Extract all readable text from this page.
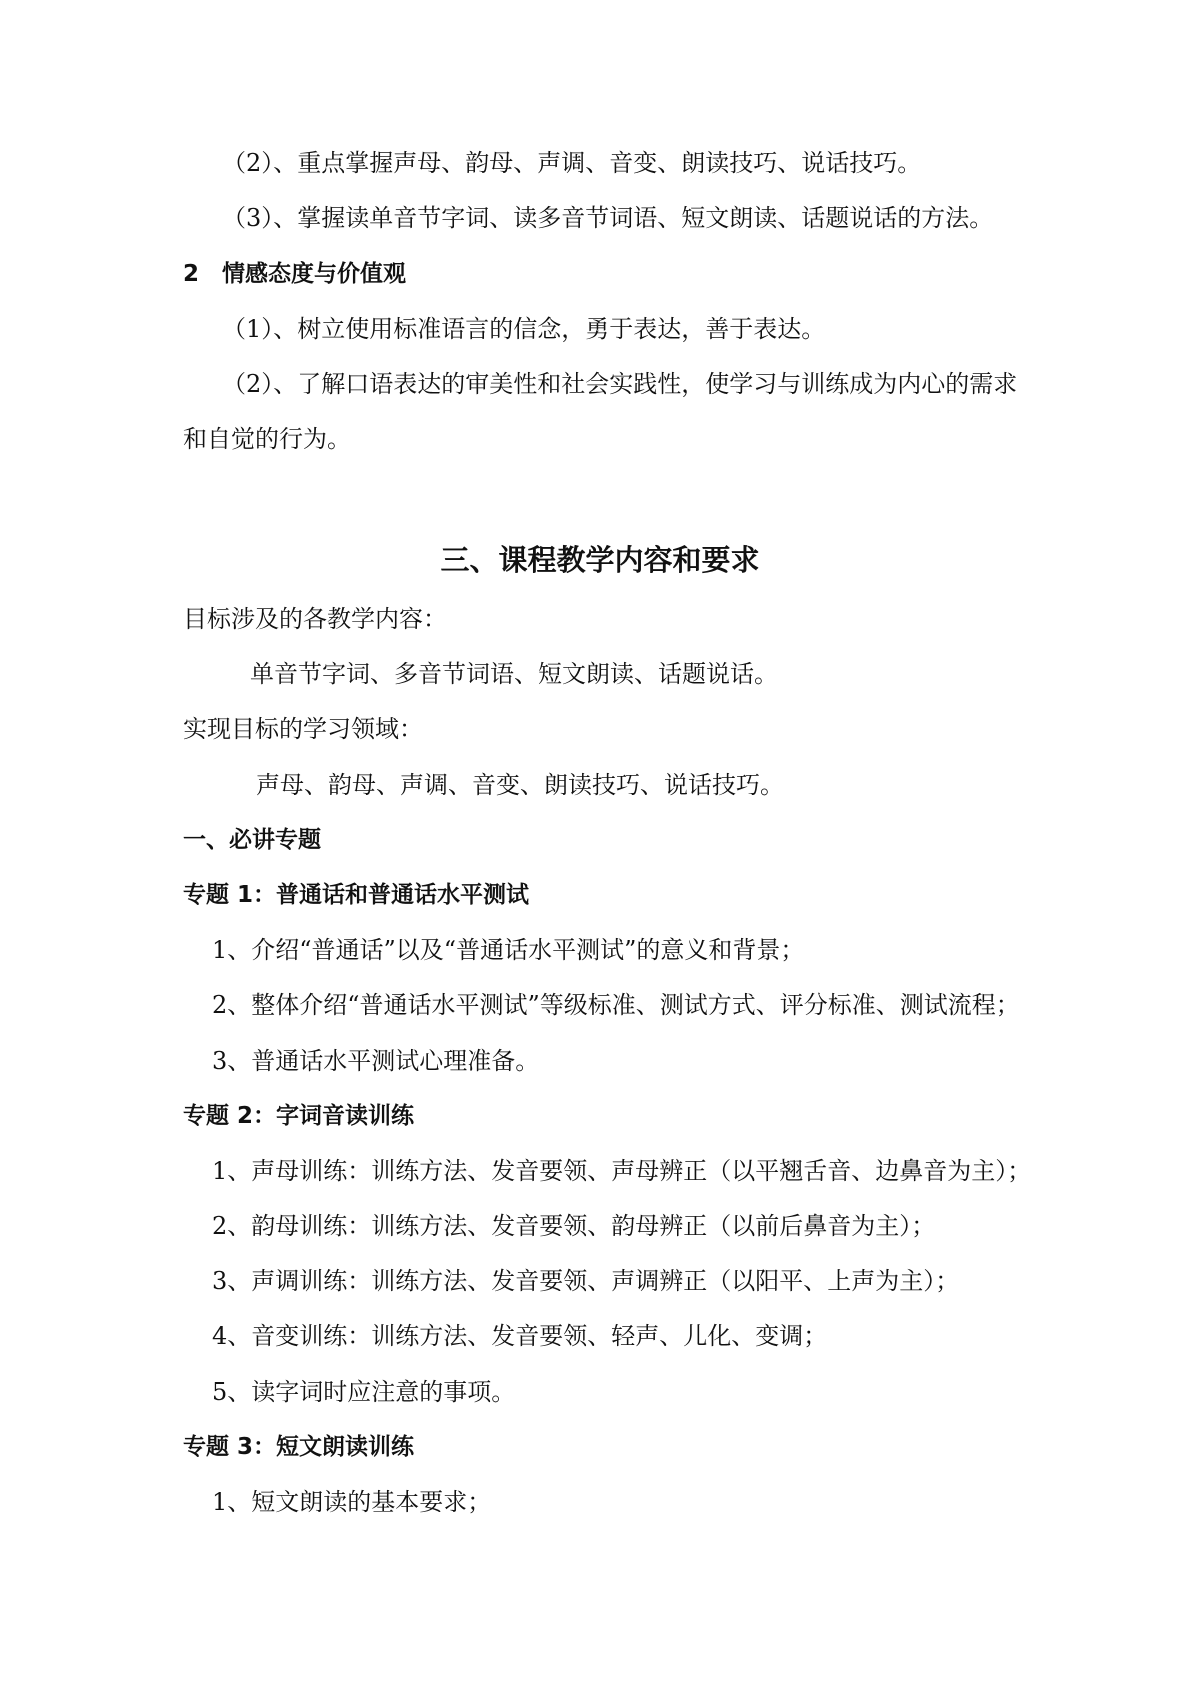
（2）、重点掌握声母、韵母、声调、音变、朗读技巧、说话技巧。
（3）、掌握读单音节字词、读多音节词语、短文朗读、话题说话的方法。
2　情感态度与价值观
（1）、树立使用标准语言的信念，勇于表达，善于表达。
（2）、了解口语表达的审美性和社会实践性，使学习与训练成为内心的需求
和自觉的行为。
三、课程教学内容和要求
目标涉及的各教学内容：
单音节字词、多音节词语、短文朗读、话题说话。
实现目标的学习领域：
声母、韵母、声调、音变、朗读技巧、说话技巧。
一、必讲专题
专题 1：普通话和普通话水平测试
1、介绍“普通话”以及“普通话水平测试”的意义和背景；
2、整体介绍“普通话水平测试”等级标准、测试方式、评分标准、测试流程；
3、普通话水平测试心理准备。
专题 2：字词音读训练
1、声母训练：训练方法、发音要领、声母辨正（以平翘舌音、边鼻音为主）；
2、韵母训练：训练方法、发音要领、韵母辨正（以前后鼻音为主）；
3、声调训练：训练方法、发音要领、声调辨正（以阳平、上声为主）；
4、音变训练：训练方法、发音要领、轻声、儿化、变调；
5、读字词时应注意的事项。
专题 3：短文朗读训练
1、短文朗读的基本要求；
